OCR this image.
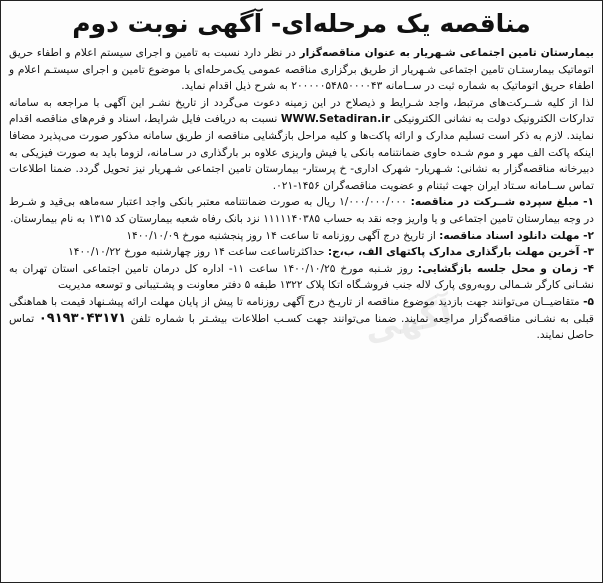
مناقصه یک مرحله‌ای- آگهی نوبت دوم

بیمارستان تامین اجتماعی شـهریار به عنوان مناقصه‌گزار در نظر دارد نسبت به تامین و اجرای سیستم اعلام و اطفاء حریق اتوماتیک بیمارستـان تامین اجتماعی شـهریار از طریق برگزاری مناقصه عمومی یک‌مرحله‌ای با موضوع تامین و اجرای سیستـم اعلام و اطفاء حریق اتوماتیک به شماره ثبت در ســامانه ۲۰۰۰۰۰۵۴۸۵۰۰۰۰۴۳ به شرح ذیل اقدام نماید.

لذا از کلیه شــرکت‌های مرتبط، واجد شـرایط و ذیصلاح در این زمینه دعوت می‌گردد از تاریخ نشـر این آگهی با مراجعه به سامانه تدارکات الکترونیک دولت به نشانی الکترونیکی WWW.Setadiran.ir نسبت به دریافت فایل شرایط، اسناد و فرم‌های مناقصه اقدام نمایند. لازم به ذکر است تسلیم مدارک و ارائه پاکت‌ها و کلیه مراحل بازگشایی مناقصه از طریق سامانه مذکور صورت می‌پذیرد مضافا اینکه پاکت الف مهر و موم شـده حاوی ضمانتنامه بانکی یا فیش واریزی علاوه بر بارگذاری در سـامانه، لزوما باید به صورت فیزیکی به دبیرخانه مناقصه‌گزار به نشانی: شـهریار- شهرک اداری- خ پرستار- بیمارستان تامین اجتماعی شـهریار نیز تحویل گردد. ضمنا اطلاعات تماس ســامانه سـتاد ایران جهت ثبتنام و عضویت مناقصه‌گران ۱۴۵۶-۰۲۱.

۱- مبلغ سپرده شــرکت در مناقصه: ۱/۰۰۰/۰۰۰/۰۰۰ ریال به صورت ضمانتنامه معتبر بانکی واجد اعتبار سه‌ماهه بی‌قید و شـرط در وجه بیمارستان تامین اجتماعی و یا واریز وجه نقد به حساب ۱۱۱۱۱۴۰۳۸۵ نزد بانک رفاه شعبه بیمارستان کد ۱۳۱۵ به نام بیمارستان.

۲- مهلت دانلود اسناد مناقصه: از تاریخ درج آگهی روزنامه تا ساعت ۱۴ روز پنجشنبه مورخ ۱۴۰۰/۱۰/۰۹

۳- آخرین مهلت بارگذاری مدارک پاکتهای الف، ب،ج: حداکثرتاساعت ساعت ۱۴ روز چهارشنبه مورخ ۱۴۰۰/۱۰/۲۲

۴- زمان و محل جلسه بازگشایی: روز شـنبه مورخ ۱۴۰۰/۱۰/۲۵ ساعت ۱۱- اداره کل درمان تامین اجتماعی استان تهران به نشـانی کارگر شـمالی روبه‌روی پارک لاله جنب فروشـگاه اتکا پلاک ۱۳۲۲ طبقه ۵ دفتر معاونت و پشـتیبانی و توسعه مدیریت

۵- متقاضیــان می‌توانند جهت بازدید موضوع مناقصه از تاریـخ درج آگهی روزنامه تا پیش از پایان مهلت ارائه پیشـنهاد قیمت با هماهنگی قبلی به نشـانی مناقصه‌گزار مراجعه نمایند. ضمنا می‌توانند جهت کسـب اطلاعات بیشـتر با شماره تلفن ۰۹۱۹۳۰۴۳۱۷۱ تماس حاصل نمایند.

آگهی
